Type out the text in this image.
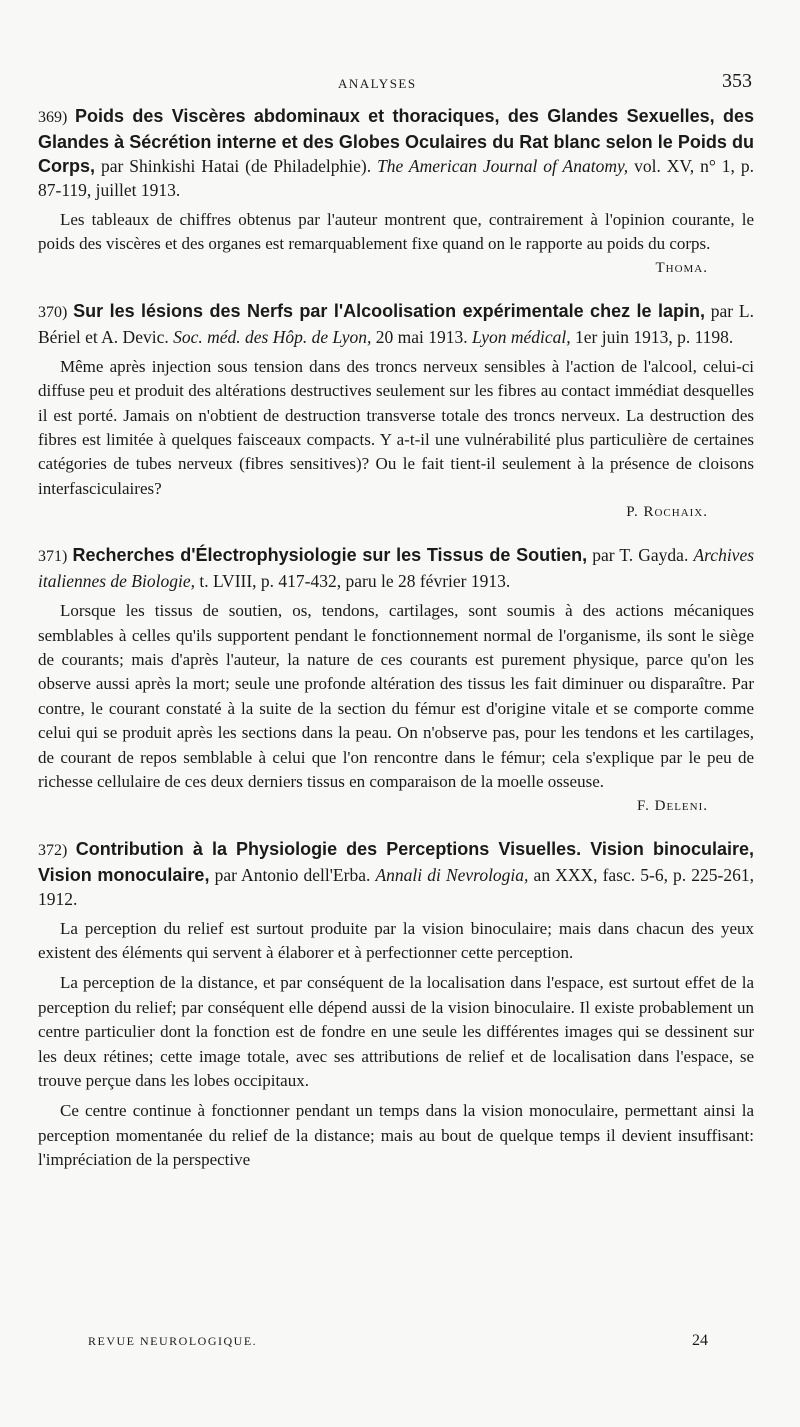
ANALYSES	353

369) Poids des Viscères abdominaux et thoraciques, des Glandes Sexuelles, des Glandes à Sécrétion interne et des Globes Oculaires du Rat blanc selon le Poids du Corps, par Shinkishi Hatai (de Philadelphie). The American Journal of Anatomy, vol. XV, n° 1, p. 87-119, juillet 1913.

Les tableaux de chiffres obtenus par l'auteur montrent que, contrairement à l'opinion courante, le poids des viscères et des organes est remarquablement fixe quand on le rapporte au poids du corps.

Thoma.

370) Sur les lésions des Nerfs par l'Alcoolisation expérimentale chez le lapin, par L. Bériel et A. Devic. Soc. méd. des Hôp. de Lyon, 20 mai 1913. Lyon médical, 1er juin 1913, p. 1198.

Même après injection sous tension dans des troncs nerveux sensibles à l'action de l'alcool, celui-ci diffuse peu et produit des altérations destructives seulement sur les fibres au contact immédiat desquelles il est porté. Jamais on n'obtient de destruction transverse totale des troncs nerveux. La destruction des fibres est limitée à quelques faisceaux compacts. Y a-t-il une vulnérabilité plus particulière de certaines catégories de tubes nerveux (fibres sensitives)? Ou le fait tient-il seulement à la présence de cloisons interfasciculaires?

P. Rochaix.

371) Recherches d'Électrophysiologie sur les Tissus de Soutien, par T. Gayda. Archives italiennes de Biologie, t. LVIII, p. 417-432, paru le 28 février 1913.

Lorsque les tissus de soutien, os, tendons, cartilages, sont soumis à des actions mécaniques semblables à celles qu'ils supportent pendant le fonctionnement normal de l'organisme, ils sont le siège de courants; mais d'après l'auteur, la nature de ces courants est purement physique, parce qu'on les observe aussi après la mort; seule une profonde altération des tissus les fait diminuer ou disparaître. Par contre, le courant constaté à la suite de la section du fémur est d'origine vitale et se comporte comme celui qui se produit après les sections dans la peau. On n'observe pas, pour les tendons et les cartilages, de courant de repos semblable à celui que l'on rencontre dans le fémur; cela s'explique par le peu de richesse cellulaire de ces deux derniers tissus en comparaison de la moelle osseuse.

F. Deleni.

372) Contribution à la Physiologie des Perceptions Visuelles. Vision binoculaire, Vision monoculaire, par Antonio dell'Erba. Annali di Nevrologia, an XXX, fasc. 5-6, p. 225-261, 1912.

La perception du relief est surtout produite par la vision binoculaire; mais dans chacun des yeux existent des éléments qui servent à élaborer et à perfectionner cette perception.

La perception de la distance, et par conséquent de la localisation dans l'espace, est surtout effet de la perception du relief; par conséquent elle dépend aussi de la vision binoculaire. Il existe probablement un centre particulier dont la fonction est de fondre en une seule les différentes images qui se dessinent sur les deux rétines; cette image totale, avec ses attributions de relief et de localisation dans l'espace, se trouve perçue dans les lobes occipitaux.

Ce centre continue à fonctionner pendant un temps dans la vision monoculaire, permettant ainsi la perception momentanée du relief de la distance; mais au bout de quelque temps il devient insuffisant: l'impréciation de la perspective

REVUE NEUROLOGIQUE.	24
